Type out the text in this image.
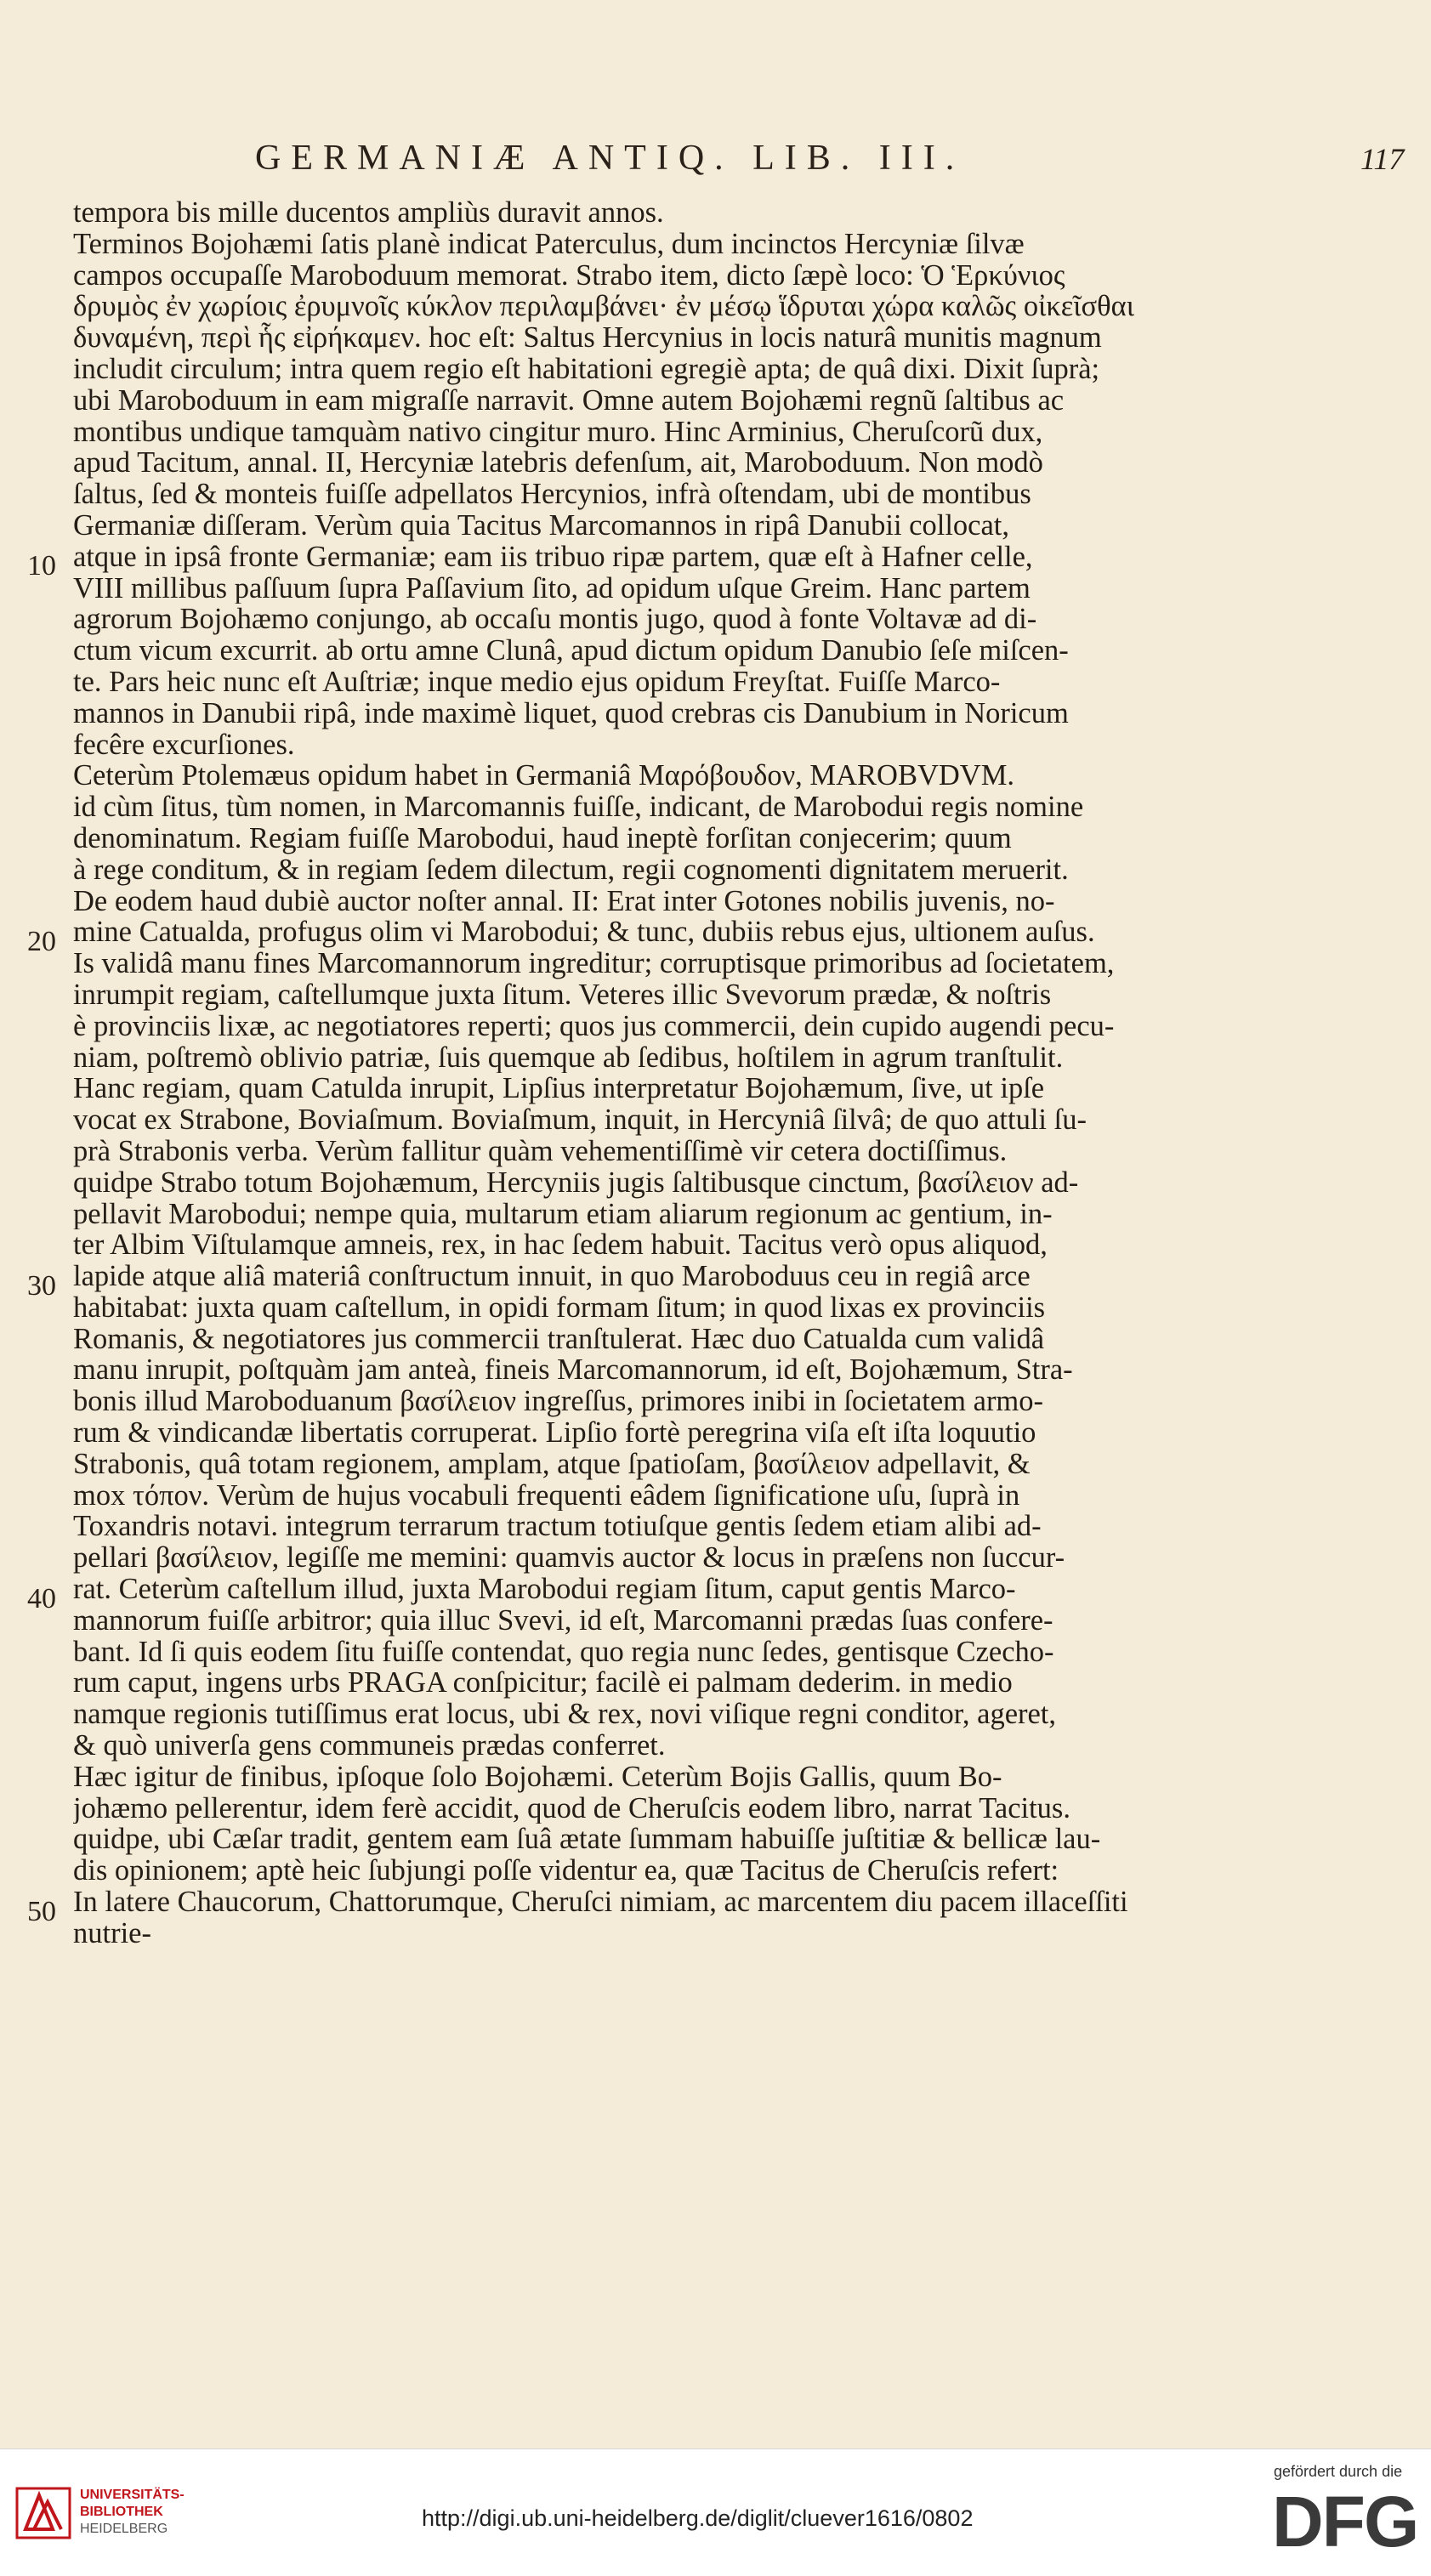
GERMANIÆ ANTIQ. LIB. III.	117
10
20
30
40
50
tempora bis mille ducentos ampliùs duravit annos.
Terminos Bojohæmi ſatis planè indicat Paterculus, dum incinctos Hercyniæ ſilvæ
campos occupaſſe Maroboduum memorat. Strabo item, dicto ſæpè loco: Ὁ Ἑρκύνιος
δρυμὸς ἐν χωρίοις ἐρυμνοῖς κύκλον περιλαμβάνει· ἐν μέσῳ ἵδρυται χώρα καλῶς οἰκεῖσθαι
δυναμένη, περὶ ἧς εἰρήκαμεν. hoc eſt: Saltus Hercynius in locis naturâ munitis magnum
includit circulum; intra quem regio eſt habitationi egregiè apta; de quâ dixi. Dixit ſuprà;
ubi Maroboduum in eam migraſſe narravit. Omne autem Bojohæmi regnũ ſaltibus ac
montibus undique tamquàm nativo cingitur muro. Hinc Arminius, Cheruſcorũ dux,
apud Tacitum, annal. II, Hercyniæ latebris defenſum, ait, Maroboduum. Non modò
ſaltus, ſed & monteis fuiſſe adpellatos Hercynios, infrà oſtendam, ubi de montibus
Germaniæ diſſeram. Verùm quia Tacitus Marcomannos in ripâ Danubii collocat,
atque in ipsâ fronte Germaniæ; eam iis tribuo ripæ partem, quæ eſt à Hafner celle,
VIII millibus paſſuum ſupra Paſſavium ſito, ad opidum uſque Greim. Hanc partem
agrorum Bojohæmo conjungo, ab occaſu montis jugo, quod à fonte Voltavæ ad di-
ctum vicum excurrit. ab ortu amne Clunâ, apud dictum opidum Danubio ſeſe miſcen-
te. Pars heic nunc eſt Auſtriæ; inque medio ejus opidum Freyſtat. Fuiſſe Marco-
mannos in Danubii ripâ, inde maximè liquet, quod crebras cis Danubium in Noricum
fecêre excurſiones.
Ceterùm Ptolemæus opidum habet in Germaniâ Μαρόβουδον, MAROBVDVM.
id cùm ſitus, tùm nomen, in Marcomannis fuiſſe, indicant, de Marobodui regis nomine
denominatum. Regiam fuiſſe Marobodui, haud ineptè forſitan conjecerim; quum
à rege conditum, & in regiam ſedem dilectum, regii cognomenti dignitatem meruerit.
De eodem haud dubiè auctor noſter annal. II: Erat inter Gotones nobilis juvenis, no-
mine Catualda, profugus olim vi Marobodui; & tunc, dubiis rebus ejus, ultionem auſus.
Is validâ manu fines Marcomannorum ingreditur; corruptisque primoribus ad ſocietatem,
inrumpit regiam, caſtellumque juxta ſitum. Veteres illic Svevorum prædæ, & noſtris
è provinciis lixæ, ac negotiatores reperti; quos jus commercii, dein cupido augendi pecu-
niam, poſtremò oblivio patriæ, ſuis quemque ab ſedibus, hoſtilem in agrum tranſtulit.
Hanc regiam, quam Catulda inrupit, Lipſius interpretatur Bojohæmum, ſive, ut ipſe
vocat ex Strabone, Boviaſmum. Boviaſmum, inquit, in Hercyniâ ſilvâ; de quo attuli ſu-
prà Strabonis verba. Verùm fallitur quàm vehementiſſimè vir cetera doctiſſimus.
quidpe Strabo totum Bojohæmum, Hercyniis jugis ſaltibusque cinctum, βασίλειον ad-
pellavit Marobodui; nempe quia, multarum etiam aliarum regionum ac gentium, in-
ter Albim Viſtulamque amneis, rex, in hac ſedem habuit. Tacitus verò opus aliquod,
lapide atque aliâ materiâ conſtructum innuit, in quo Maroboduus ceu in regiâ arce
habitabat: juxta quam caſtellum, in opidi formam ſitum; in quod lixas ex provinciis
Romanis, & negotiatores jus commercii tranſtulerat. Hæc duo Catualda cum validâ
manu inrupit, poſtquàm jam anteà, fineis Marcomannorum, id eſt, Bojohæmum, Stra-
bonis illud Maroboduanum βασίλειον ingreſſus, primores inibi in ſocietatem armo-
rum & vindicandæ libertatis corruperat. Lipſio fortè peregrina viſa eſt iſta loquutio
Strabonis, quâ totam regionem, amplam, atque ſpatioſam, βασίλειον adpellavit, &
mox τόπον. Verùm de hujus vocabuli frequenti eâdem ſignificatione uſu, ſuprà in
Toxandris notavi. integrum terrarum tractum totiuſque gentis ſedem etiam alibi ad-
pellari βασίλειον, legiſſe me memini: quamvis auctor & locus in præſens non ſuccur-
rat. Ceterùm caſtellum illud, juxta Marobodui regiam ſitum, caput gentis Marco-
mannorum fuiſſe arbitror; quia illuc Svevi, id eſt, Marcomanni prædas ſuas confere-
bant. Id ſi quis eodem ſitu fuiſſe contendat, quo regia nunc ſedes, gentisque Czecho-
rum caput, ingens urbs PRAGA conſpicitur; facilè ei palmam dederim. in medio
namque regionis tutiſſimus erat locus, ubi & rex, novi viſique regni conditor, ageret,
& quò univerſa gens communeis prædas conferret.
Hæc igitur de finibus, ipſoque ſolo Bojohæmi. Ceterùm Bojis Gallis, quum Bo-
johæmo pellerentur, idem ferè accidit, quod de Cheruſcis eodem libro, narrat Tacitus.
quidpe, ubi Cæſar tradit, gentem eam ſuâ ætate ſummam habuiſſe juſtitiæ & bellicæ lau-
dis opinionem; aptè heic ſubjungi poſſe videntur ea, quæ Tacitus de Cheruſcis refert:
In latere Chaucorum, Chattorumque, Cheruſci nimiam, ac marcentem diu pacem illaceſſiti
nutrie-
UNIVERSITÄTS-
BIBLIOTHEK
HEIDELBERG	http://digi.ub.uni-heidelberg.de/diglit/cluever1616/0802
gefördert durch die
DFG
